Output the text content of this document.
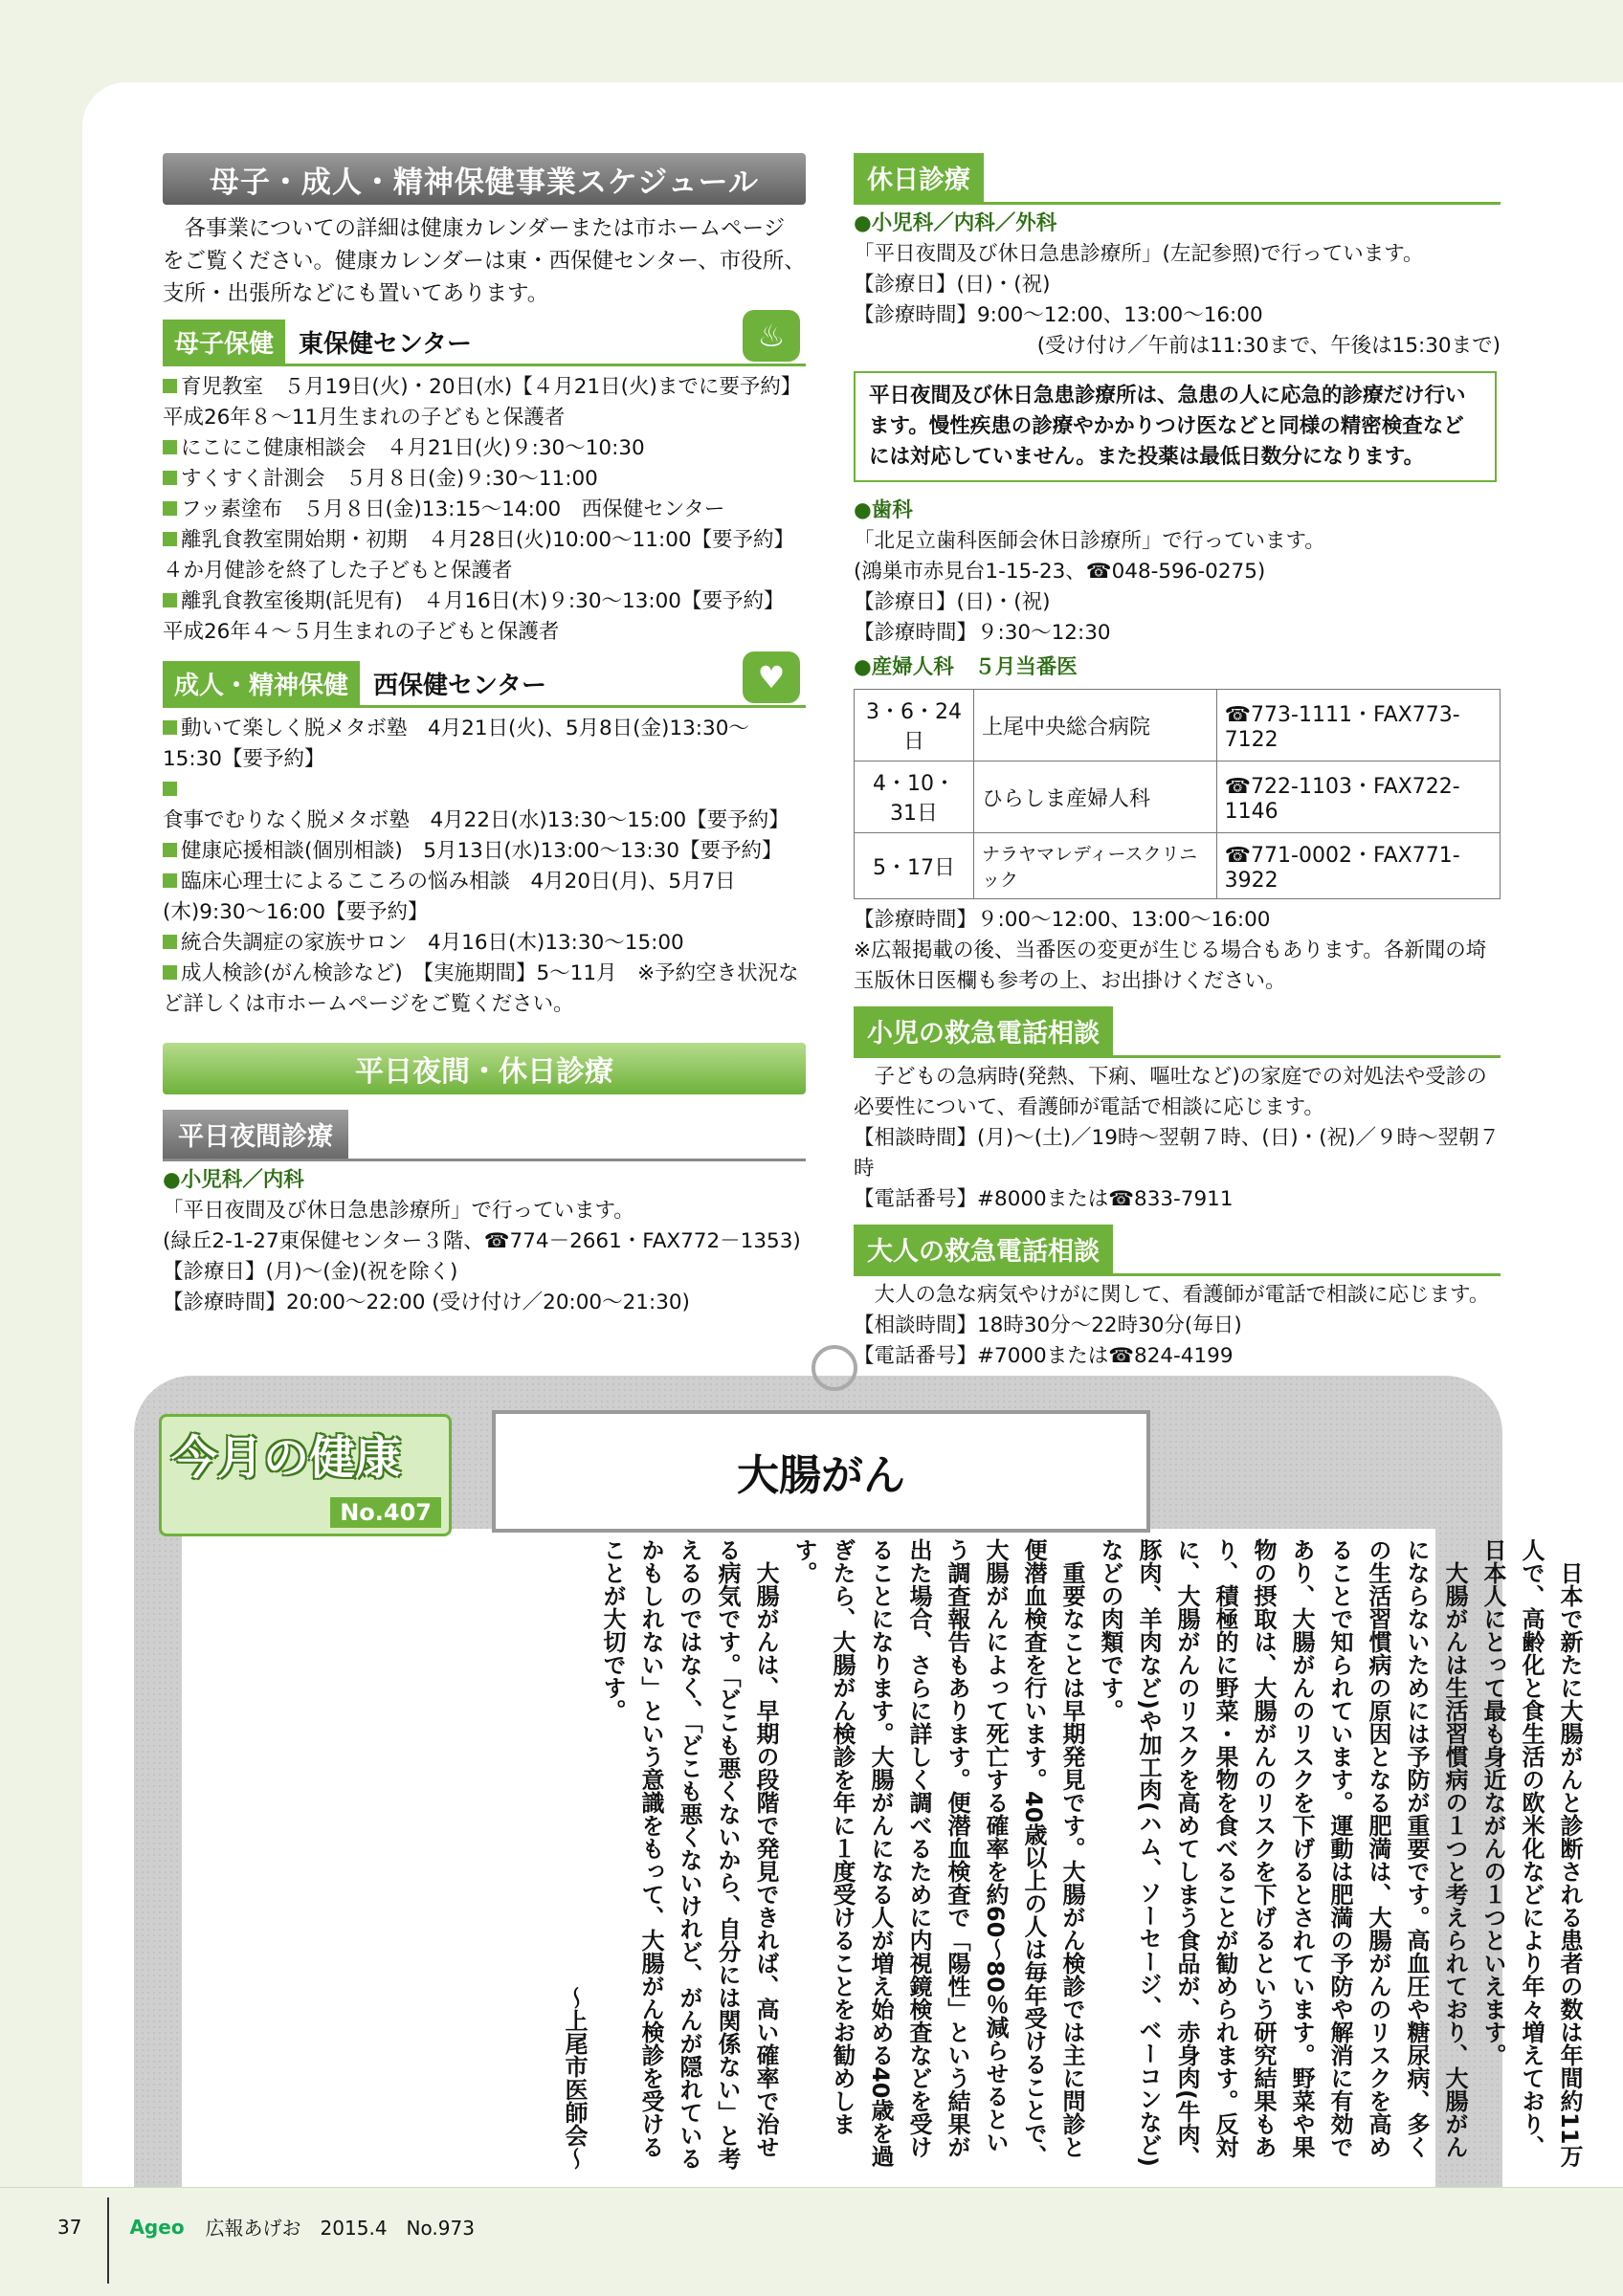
母子・成人・精神保健事業スケジュール

各事業についての詳細は健康カレンダーまたは市ホームページをご覧ください。健康カレンダーは東・西保健センター、市役所、支所・出張所などにも置いてあります。

母子保健	東保健センター	♨

育児教室　５月19日(火)・20日(水)【４月21日(火)までに要予約】　平成26年８～11月生まれの子どもと保護者

にこにこ健康相談会　４月21日(火)９:30～10:30

すくすく計測会　５月８日(金)９:30～11:00

フッ素塗布　５月８日(金)13:15～14:00　西保健センター

離乳食教室開始期・初期　４月28日(火)10:00～11:00【要予約】　４か月健診を終了した子どもと保護者

離乳食教室後期(託児有)　４月16日(木)９:30～13:00【要予約】　平成26年４～５月生まれの子どもと保護者

成人・精神保健	西保健センター	♥

動いて楽しく脱メタボ塾　4月21日(火)、5月8日(金)13:30～15:30【要予約】

食事でむりなく脱メタボ塾　4月22日(水)13:30～15:00【要予約】

健康応援相談(個別相談)　5月13日(水)13:00～13:30【要予約】

臨床心理士によるこころの悩み相談　4月20日(月)、5月7日(木)9:30～16:00【要予約】

統合失調症の家族サロン　4月16日(木)13:30～15:00

成人検診(がん検診など)　【実施期間】5～11月　※予約空き状況など詳しくは市ホームページをご覧ください。

平日夜間・休日診療
平日夜間診療

●小児科／内科

「平日夜間及び休日急患診療所」で行っています。

(緑丘2-1-27東保健センター３階、☎774－2661・FAX772－1353)

【診療日】(月)～(金)(祝を除く)

【診療時間】20:00～22:00 (受け付け／20:00～21:30)

休日診療

●小児科／内科／外科

「平日夜間及び休日急患診療所」(左記参照)で行っています。

【診療日】(日)・(祝)

【診療時間】9:00～12:00、13:00～16:00

(受け付け／午前は11:30まで、午後は15:30まで)

平日夜間及び休日急患診療所は、急患の人に応急的診療だけ行います。慢性疾患の診療やかかりつけ医などと同様の精密検査などには対応していません。また投薬は最低日数分になります。

●歯科

「北足立歯科医師会休日診療所」で行っています。

(鴻巣市赤見台1-15-23、☎048-596-0275)

【診療日】(日)・(祝)

【診療時間】９:30～12:30

●産婦人科　５月当番医

3・6・24日	上尾中央総合病院	☎773-1111・FAX773-7122
4・10・31日	ひらしま産婦人科	☎722-1103・FAX722-1146
5・17日	ナラヤマレディースクリニック	☎771-0002・FAX771-3922

【診療時間】９:00～12:00、13:00～16:00

※広報掲載の後、当番医の変更が生じる場合もあります。各新聞の埼玉版休日医欄も参考の上、お出掛けください。

小児の救急電話相談

子どもの急病時(発熱、下痢、嘔吐など)の家庭での対処法や受診の必要性について、看護師が電話で相談に応じます。

【相談時間】(月)～(土)／19時～翌朝７時、(日)・(祝)／９時～翌朝７時

【電話番号】#8000または☎833-7911

大人の救急電話相談

大人の急な病気やけがに関して、看護師が電話で相談に応じます。

【相談時間】18時30分～22時30分(毎日)

【電話番号】#7000または☎824-4199

今月の健康
No.407
大腸がん

日本で新たに大腸がんと診断される患者の数は年間約11万人で、高齢化と食生活の欧米化などにより年々増えており、日本人にとって最も身近ながんの１つといえます。

大腸がんは生活習慣病の１つと考えられており、大腸がんにならないためには予防が重要です。高血圧や糖尿病、多くの生活習慣病の原因となる肥満は、大腸がんのリスクを高めることで知られています。運動は肥満の予防や解消に有効であり、大腸がんのリスクを下げるとされています。野菜や果物の摂取は、大腸がんのリスクを下げるという研究結果もあり、積極的に野菜・果物を食べることが勧められます。反対に、大腸がんのリスクを高めてしまう食品が、赤身肉(牛肉、豚肉、羊肉など)や加工肉(ハム、ソーセージ、ベーコンなど)などの肉類です。

重要なことは早期発見です。大腸がん検診では主に問診と便潜血検査を行います。40歳以上の人は毎年受けることで、大腸がんによって死亡する確率を約60～80％減らせるという調査報告もあります。便潜血検査で「陽性」という結果が出た場合、さらに詳しく調べるために内視鏡検査などを受けることになります。大腸がんになる人が増え始める40歳を過ぎたら、大腸がん検診を年に１度受けることをお勧めします。

大腸がんは、早期の段階で発見できれば、高い確率で治せる病気です。「どこも悪くないから、自分には関係ない」と考えるのではなく、「どこも悪くないけれど、がんが隠れているかもしれない」という意識をもって、大腸がん検診を受けることが大切です。

～上尾市医師会～

37	Ageo 広報あげお　2015.4　No.973
